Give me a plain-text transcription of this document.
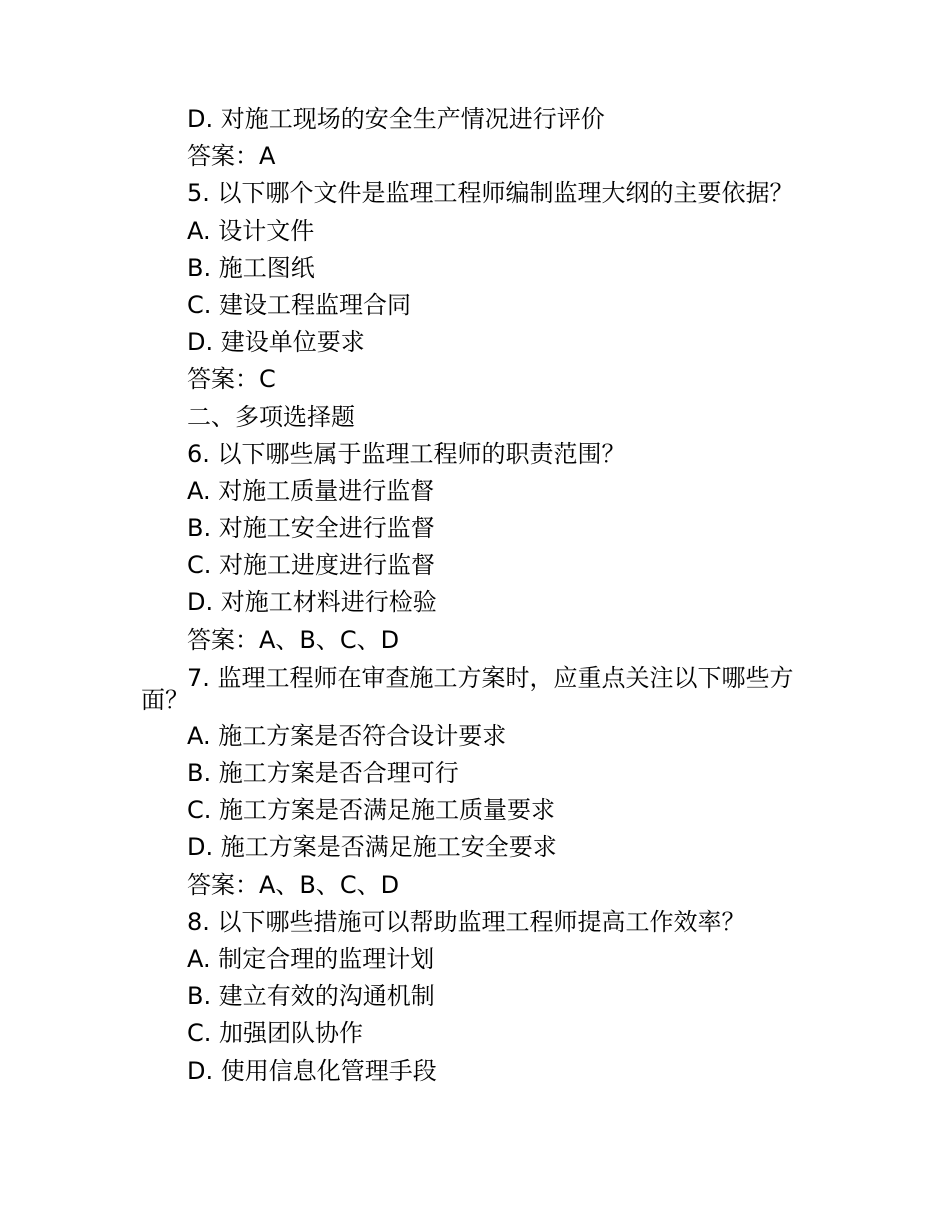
D. 对施工现场的安全生产情况进行评价
答案：A
5. 以下哪个文件是监理工程师编制监理大纲的主要依据？
A. 设计文件
B. 施工图纸
C. 建设工程监理合同
D. 建设单位要求
答案：C
二、多项选择题
6. 以下哪些属于监理工程师的职责范围？
A. 对施工质量进行监督
B. 对施工安全进行监督
C. 对施工进度进行监督
D. 对施工材料进行检验
答案：A、B、C、D
7. 监理工程师在审查施工方案时，应重点关注以下哪些方
面？
A. 施工方案是否符合设计要求
B. 施工方案是否合理可行
C. 施工方案是否满足施工质量要求
D. 施工方案是否满足施工安全要求
答案：A、B、C、D
8. 以下哪些措施可以帮助监理工程师提高工作效率？
A. 制定合理的监理计划
B. 建立有效的沟通机制
C. 加强团队协作
D. 使用信息化管理手段
